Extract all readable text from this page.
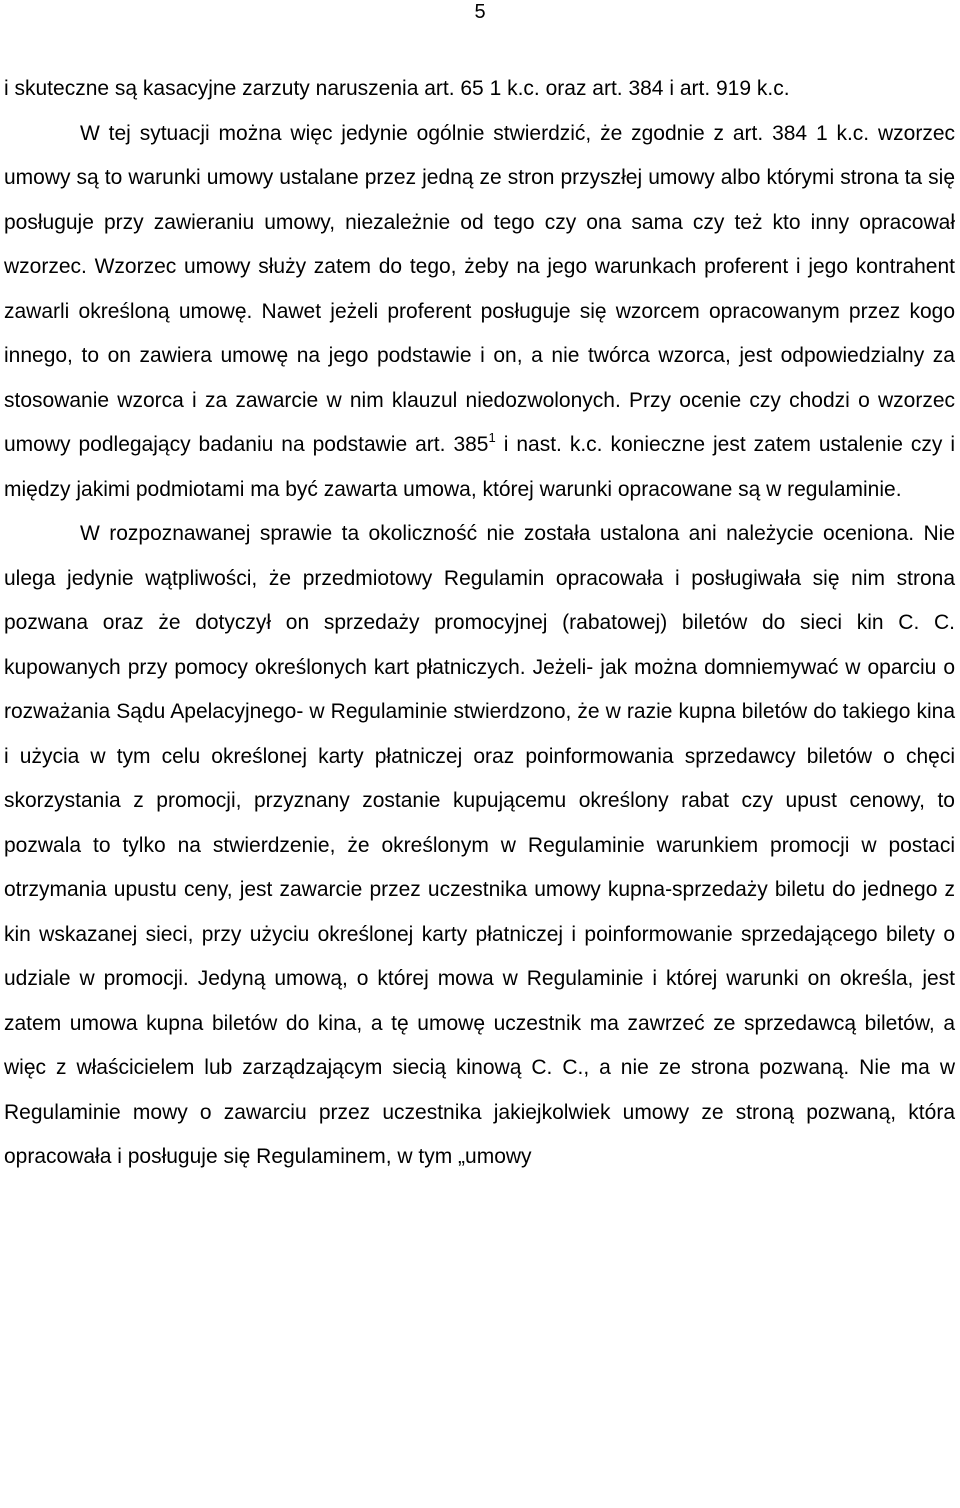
5

i skuteczne są kasacyjne zarzuty naruszenia art. 65 1 k.c. oraz art. 384 i art. 919 k.c.

W tej sytuacji można więc jedynie ogólnie stwierdzić, że zgodnie z art. 384 1 k.c. wzorzec umowy są to warunki umowy ustalane przez jedną ze stron przyszłej umowy albo którymi strona ta się posługuje przy zawieraniu umowy, niezależnie od tego czy ona sama czy też kto inny opracował wzorzec. Wzorzec umowy służy zatem do tego, żeby na jego warunkach proferent i jego kontrahent zawarli określoną umowę. Nawet jeżeli proferent posługuje się wzorcem opracowanym przez kogo innego, to on zawiera umowę na jego podstawie i on, a nie twórca wzorca, jest odpowiedzialny za stosowanie wzorca i za zawarcie w nim klauzul niedozwolonych. Przy ocenie czy chodzi o wzorzec umowy podlegający badaniu na podstawie art. $385^1$ i nast. k.c. konieczne jest zatem ustalenie czy i między jakimi podmiotami ma być zawarta umowa, której warunki opracowane są w regulaminie.

W rozpoznawanej sprawie ta okoliczność nie została ustalona ani należycie oceniona. Nie ulega jedynie wątpliwości, że przedmiotowy Regulamin opracowała i posługiwała się nim strona pozwana oraz że dotyczył on sprzedaży promocyjnej (rabatowej) biletów do sieci kin C. C. kupowanych przy pomocy określonych kart płatniczych. Jeżeli- jak można domniemywać w oparciu o rozważania Sądu Apelacyjnego- w Regulaminie stwierdzono, że w razie kupna biletów do takiego kina i użycia w tym celu określonej karty płatniczej oraz poinformowania sprzedawcy biletów o chęci skorzystania z promocji, przyznany zostanie kupującemu określony rabat czy upust cenowy, to pozwala to tylko na stwierdzenie, że określonym w Regulaminie warunkiem promocji w postaci otrzymania upustu ceny, jest zawarcie przez uczestnika umowy kupna-sprzedaży biletu do jednego z kin wskazanej sieci, przy użyciu określonej karty płatniczej i poinformowanie sprzedającego bilety o udziale w promocji. Jedyną umową, o której mowa w Regulaminie i której warunki on określa, jest zatem umowa kupna biletów do kina, a tę umowę uczestnik ma zawrzeć ze sprzedawcą biletów, a więc z właścicielem lub zarządzającym siecią kinową C. C., a nie ze strona pozwaną. Nie ma w Regulaminie mowy o zawarciu przez uczestnika jakiejkolwiek umowy ze stroną pozwaną, która opracowała i posługuje się Regulaminem, w tym „umowy
